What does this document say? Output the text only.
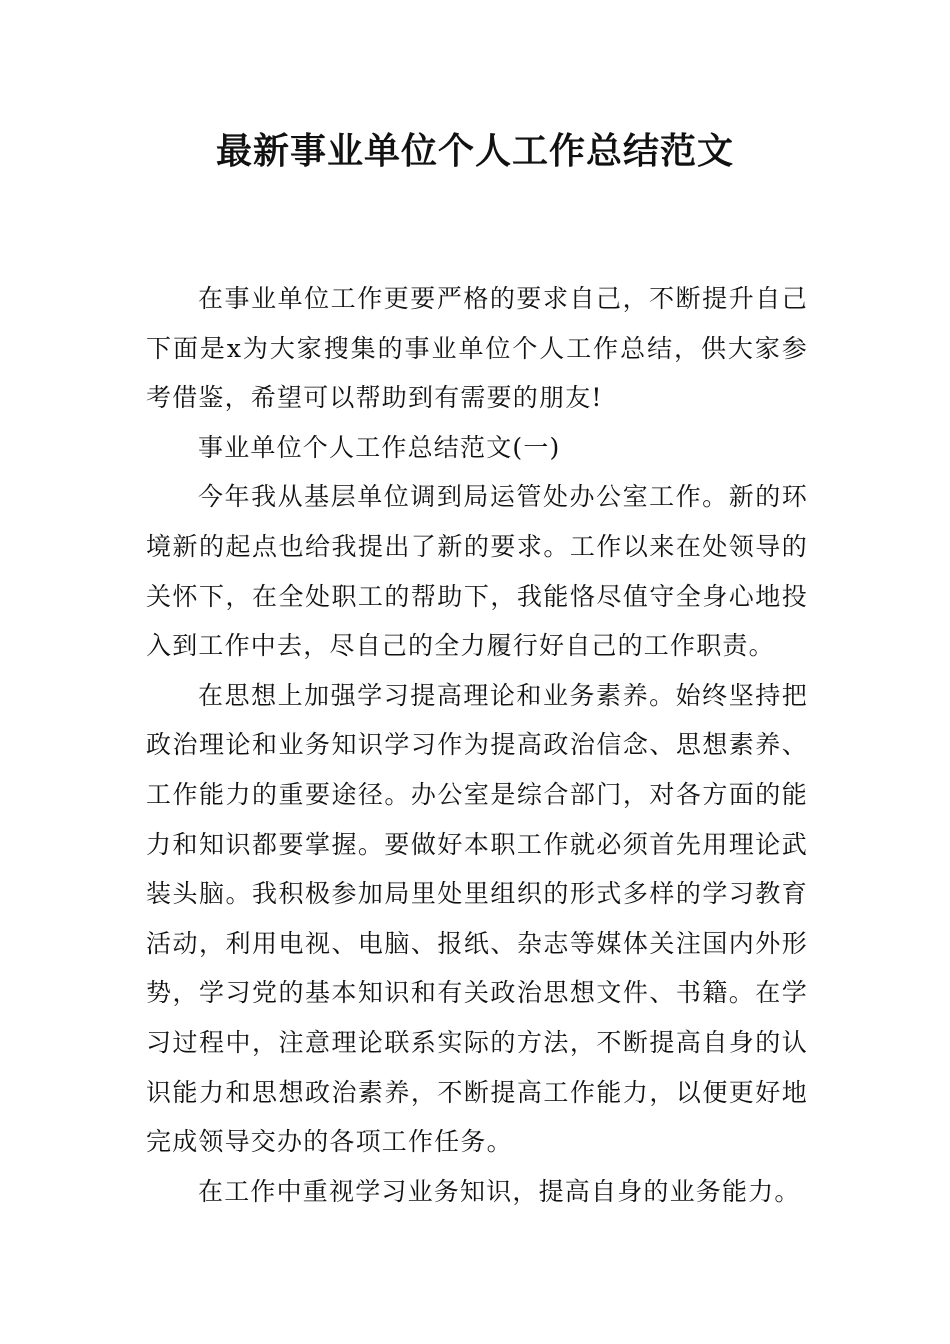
最新事业单位个人工作总结范文

在事业单位工作更要严格的要求自己，不断提升自己下面是x为大家搜集的事业单位个人工作总结，供大家参考借鉴，希望可以帮助到有需要的朋友!

事业单位个人工作总结范文(一)

今年我从基层单位调到局运管处办公室工作。新的环境新的起点也给我提出了新的要求。工作以来在处领导的关怀下，在全处职工的帮助下，我能恪尽值守全身心地投入到工作中去，尽自己的全力履行好自己的工作职责。

在思想上加强学习提高理论和业务素养。始终坚持把政治理论和业务知识学习作为提高政治信念、思想素养、工作能力的重要途径。办公室是综合部门，对各方面的能力和知识都要掌握。要做好本职工作就必须首先用理论武装头脑。我积极参加局里处里组织的形式多样的学习教育活动，利用电视、电脑、报纸、杂志等媒体关注国内外形势，学习党的基本知识和有关政治思想文件、书籍。在学习过程中，注意理论联系实际的方法，不断提高自身的认识能力和思想政治素养，不断提高工作能力，以便更好地完成领导交办的各项工作任务。

在工作中重视学习业务知识，提高自身的业务能力。
